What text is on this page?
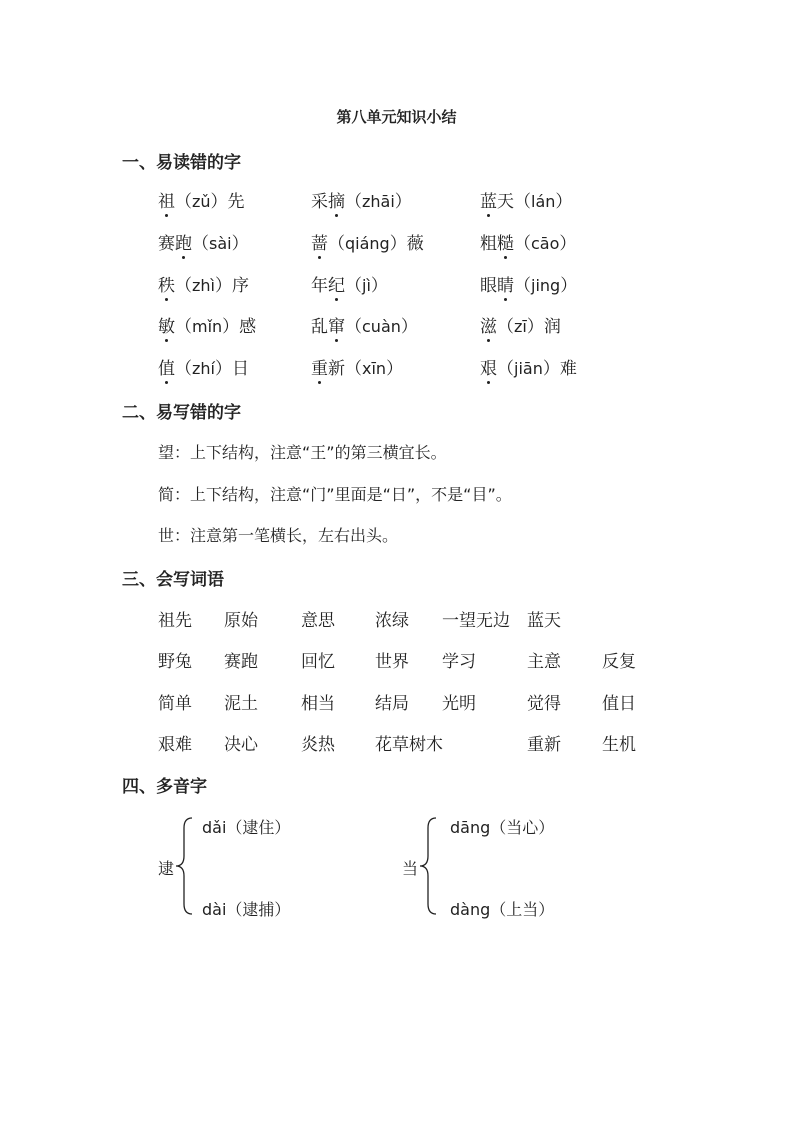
第八单元知识小结
一、易读错的字
祖（zǔ）先	采摘（zhāi）	蓝天（lán）
赛跑（sài）	蔷（qiáng）薇	粗糙（cāo）
秩（zhì）序	年纪（jì）	眼睛（jing）
敏（mǐn）感	乱窜（cuàn）	滋（zī）润
值（zhí）日	重新（xīn）	艰（jiān）难
二、易写错的字
望：上下结构，注意“王”的第三横宜长。
简：上下结构，注意“门”里面是“日”，不是“目”。
世：注意第一笔横长，左右出头。
三、会写词语
祖先 原始	意思 浓绿 一望无边 蓝天
野兔 赛跑	回忆 世界 学习	主意 反复
简单 泥土	相当 结局 光明	觉得 值日
艰难 决心	炎热 花草树木	重新 生机
四、多音字
逮
dǎi（逮住）
dài（逮捕）
当
dāng（当心）
dàng（上当）
